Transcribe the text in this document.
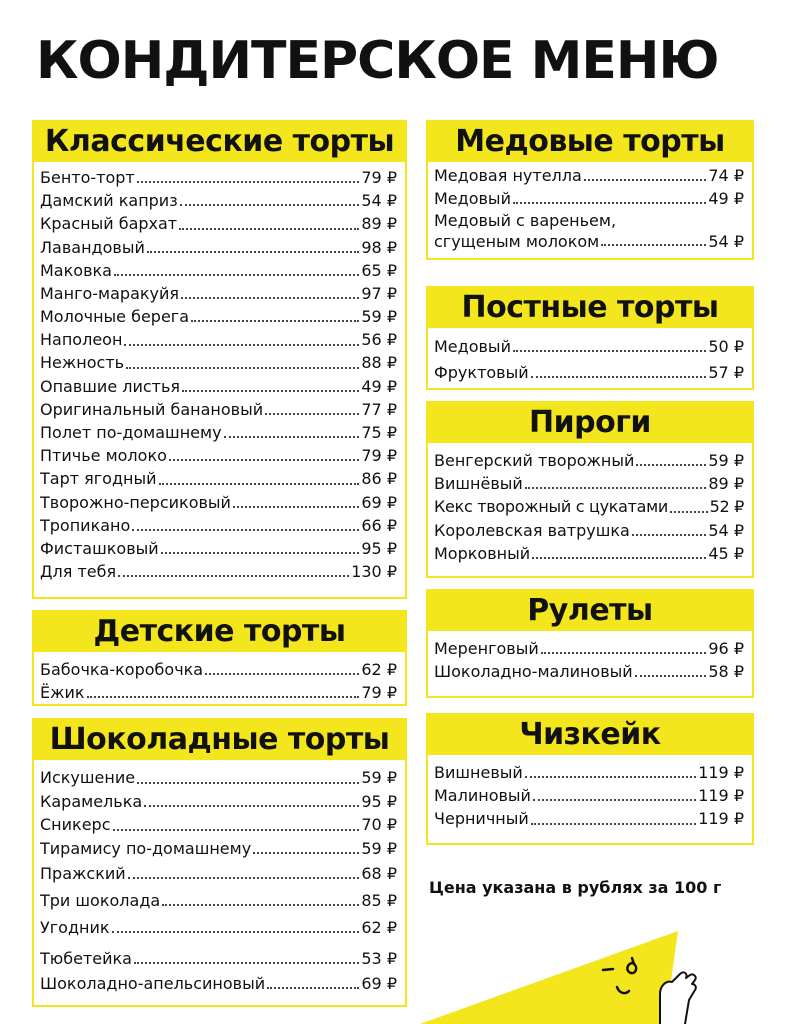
КОНДИТЕРСКОЕ МЕНЮ
Классические торты
Бенто-торт	79 ₽
Дамский каприз	54 ₽
Красный бархат	89 ₽
Лавандовый	98 ₽
Маковка	65 ₽
Манго-маракуйя	97 ₽
Молочные берега	59 ₽
Наполеон	56 ₽
Нежность	88 ₽
Опавшие листья	49 ₽
Оригинальный банановый	77 ₽
Полет по-домашнему	75 ₽
Птичье молоко	79 ₽
Тарт ягодный	86 ₽
Творожно-персиковый	69 ₽
Тропикано	66 ₽
Фисташковый	95 ₽
Для тебя	130 ₽
Детские торты
Бабочка-коробочка	62 ₽
Ёжик	79 ₽
Шоколадные торты
Искушение	59 ₽
Карамелька	95 ₽
Сникерс	70 ₽
Тирамису по-домашнему	59 ₽
Пражский	68 ₽
Три шоколада	85 ₽
Угодник	62 ₽
Тюбетейка	53 ₽
Шоколадно-апельсиновый	69 ₽
Медовые торты
Медовая нутелла	74 ₽
Медовый	49 ₽
Медовый с вареньем,
сгущеным молоком	54 ₽
Постные торты
Медовый	50 ₽
Фруктовый	57 ₽
Пироги
Венгерский творожный	59 ₽
Вишнёвый	89 ₽
Кекс творожный с цукатами	52 ₽
Королевская ватрушка	54 ₽
Морковный	45 ₽
Рулеты
Меренговый	96 ₽
Шоколадно-малиновый	58 ₽
Чизкейк
Вишневый	119 ₽
Малиновый	119 ₽
Черничный	119 ₽
Цена указана в рублях за 100 г
